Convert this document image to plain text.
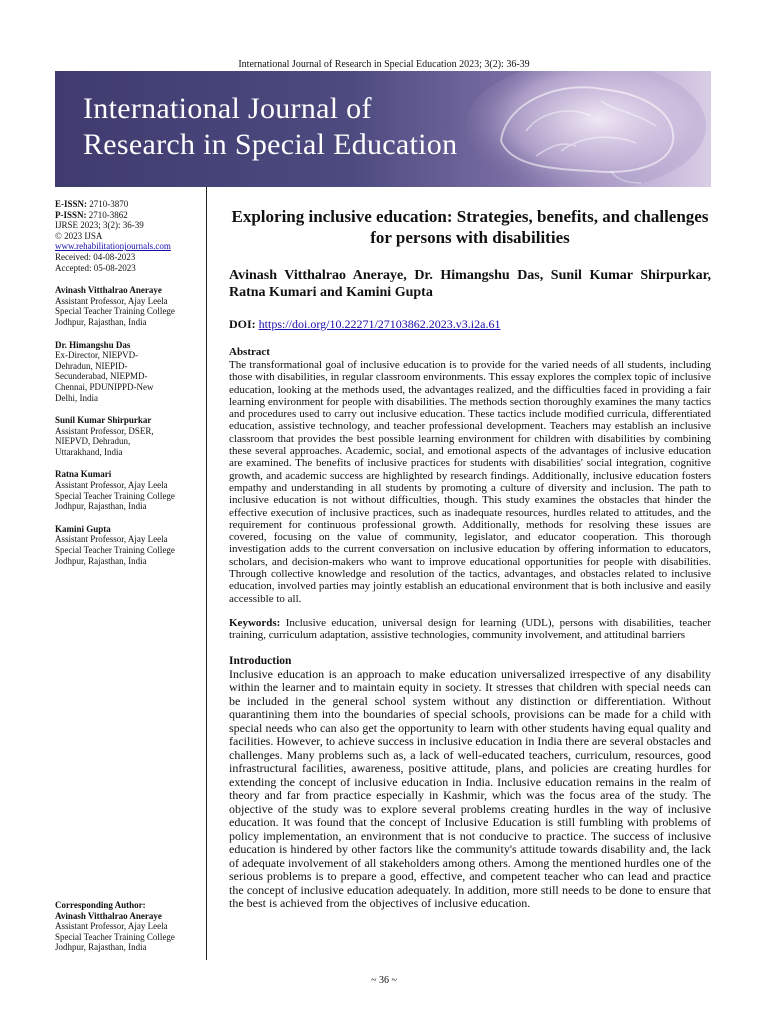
International Journal of Research in Special Education 2023; 3(2): 36-39
International Journal of
Research in Special Education
E-ISSN: 2710-3870
P-ISSN: 2710-3862
IJRSE 2023; 3(2): 36-39
© 2023 IJSA
www.rehabilitationjournals.com
Received: 04-08-2023
Accepted: 05-08-2023
Avinash Vitthalrao Aneraye
Assistant Professor, Ajay Leela
Special Teacher Training College
Jodhpur, Rajasthan, India
Dr. Himangshu Das
Ex-Director, NIEPVD-
Dehradun, NIEPID-
Secunderabad, NIEPMD-
Chennai, PDUNIPPD-New
Delhi, India
Sunil Kumar Shirpurkar
Assistant Professor, DSER,
NIEPVD, Dehradun,
Uttarakhand, India
Ratna Kumari
Assistant Professor, Ajay Leela
Special Teacher Training College
Jodhpur, Rajasthan, India
Kamini Gupta
Assistant Professor, Ajay Leela
Special Teacher Training College
Jodhpur, Rajasthan, India
Corresponding Author:
Avinash Vitthalrao Aneraye
Assistant Professor, Ajay Leela
Special Teacher Training College
Jodhpur, Rajasthan, India
Exploring inclusive education: Strategies, benefits, and challenges for persons with disabilities
Avinash Vitthalrao Aneraye, Dr. Himangshu Das, Sunil Kumar Shirpurkar, Ratna Kumari and Kamini Gupta
DOI: https://doi.org/10.22271/27103862.2023.v3.i2a.61
Abstract

The transformational goal of inclusive education is to provide for the varied needs of all students, including those with disabilities, in regular classroom environments. This essay explores the complex topic of inclusive education, looking at the methods used, the advantages realized, and the difficulties faced in providing a fair learning environment for people with disabilities. The methods section thoroughly examines the many tactics and procedures used to carry out inclusive education. These tactics include modified curricula, differentiated education, assistive technology, and teacher professional development. Teachers may establish an inclusive classroom that provides the best possible learning environment for children with disabilities by combining these several approaches. Academic, social, and emotional aspects of the advantages of inclusive education are examined. The benefits of inclusive practices for students with disabilities' social integration, cognitive growth, and academic success are highlighted by research findings. Additionally, inclusive education fosters empathy and understanding in all students by promoting a culture of diversity and inclusion. The path to inclusive education is not without difficulties, though. This study examines the obstacles that hinder the effective execution of inclusive practices, such as inadequate resources, hurdles related to attitudes, and the requirement for continuous professional growth. Additionally, methods for resolving these issues are covered, focusing on the value of community, legislator, and educator cooperation. This thorough investigation adds to the current conversation on inclusive education by offering information to educators, scholars, and decision-makers who want to improve educational opportunities for people with disabilities. Through collective knowledge and resolution of the tactics, advantages, and obstacles related to inclusive education, involved parties may jointly establish an educational environment that is both inclusive and easily accessible to all.

Keywords: Inclusive education, universal design for learning (UDL), persons with disabilities, teacher training, curriculum adaptation, assistive technologies, community involvement, and attitudinal barriers
Introduction

Inclusive education is an approach to make education universalized irrespective of any disability within the learner and to maintain equity in society. It stresses that children with special needs can be included in the general school system without any distinction or differentiation. Without quarantining them into the boundaries of special schools, provisions can be made for a child with special needs who can also get the opportunity to learn with other students having equal quality and facilities. However, to achieve success in inclusive education in India there are several obstacles and challenges. Many problems such as, a lack of well-educated teachers, curriculum, resources, good infrastructural facilities, awareness, positive attitude, plans, and policies are creating hurdles for extending the concept of inclusive education in India. Inclusive education remains in the realm of theory and far from practice especially in Kashmir, which was the focus area of the study. The objective of the study was to explore several problems creating hurdles in the way of inclusive education. It was found that the concept of Inclusive Education is still fumbling with problems of policy implementation, an environment that is not conducive to practice. The success of inclusive education is hindered by other factors like the community's attitude towards disability and, the lack of adequate involvement of all stakeholders among others. Among the mentioned hurdles one of the serious problems is to prepare a good, effective, and competent teacher who can lead and practice the concept of inclusive education adequately. In addition, more still needs to be done to ensure that the best is achieved from the objectives of inclusive education.

~ 36 ~
